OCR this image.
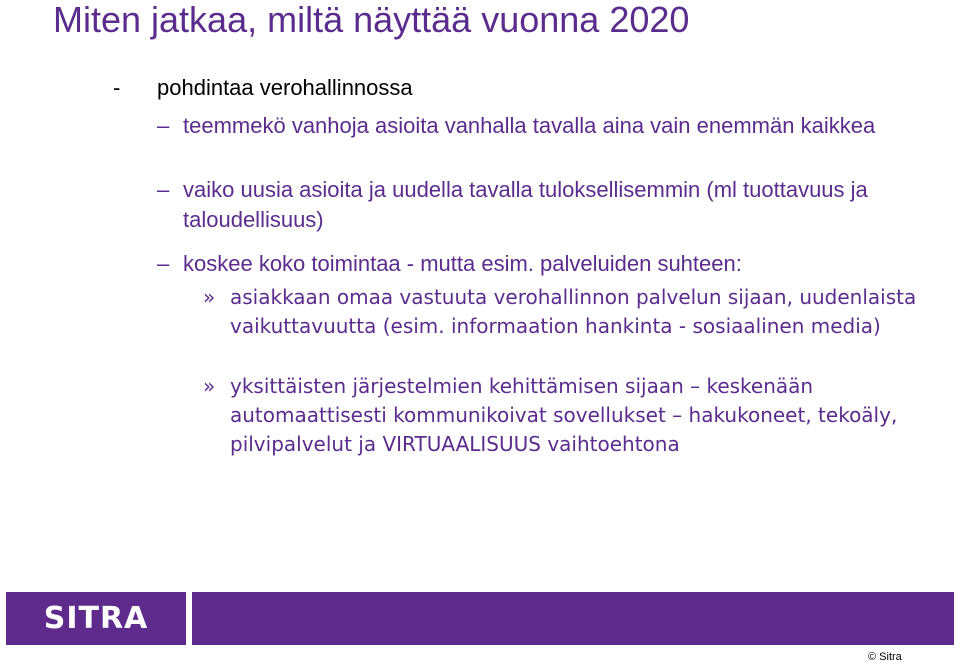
Miten jatkaa, miltä näyttää vuonna 2020
- pohdintaa verohallinnossa
– teemmekö vanhoja asioita vanhalla tavalla aina vain enemmän kaikkea
– vaiko uusia asioita ja uudella tavalla tuloksellisemmin (ml tuottavuus ja taloudellisuus)
– koskee koko toimintaa - mutta esim. palveluiden suhteen:
» asiakkaan omaa vastuuta verohallinnon palvelun sijaan, uudenlaista vaikuttavuutta (esim. informaation hankinta - sosiaalinen media)
» yksittäisten järjestelmien kehittämisen sijaan – keskenään automaattisesti kommunikoivat sovellukset – hakukoneet, tekoäly, pilvipalvelut ja VIRTUAALISUUS vaihtoehtona
SITRA
© Sitra
